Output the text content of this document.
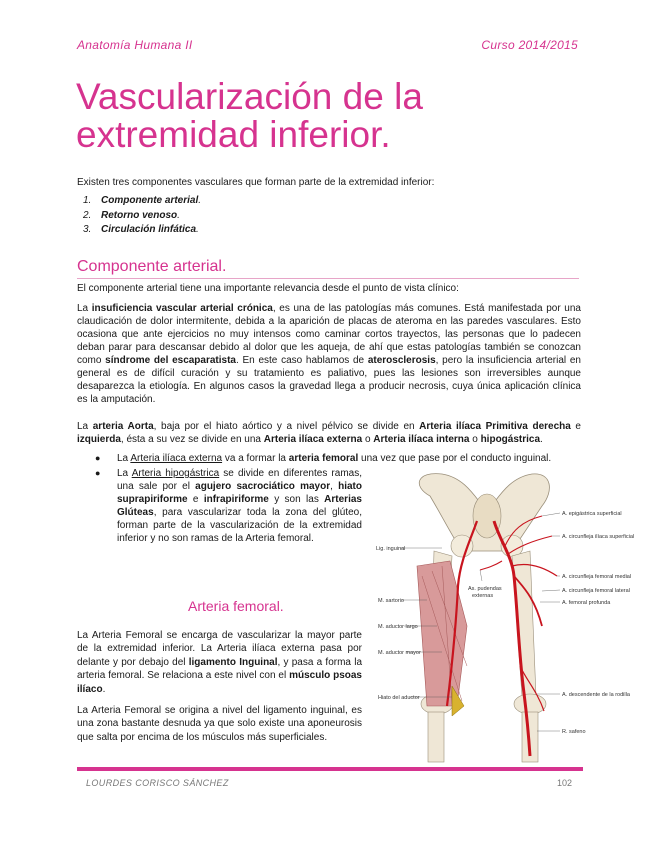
Anatomía Humana II	Curso 2014/2015
Vascularización de la extremidad inferior.
Existen tres componentes vasculares que forman parte de la extremidad inferior:
1. Componente arterial.
2. Retorno venoso.
3. Circulación linfática.
Componente arterial.
El componente arterial tiene una importante relevancia desde el punto de vista clínico:
La insuficiencia vascular arterial crónica, es una de las patologías más comunes. Está manifestada por una claudicación de dolor intermitente, debida a la aparición de placas de ateroma en las paredes vasculares. Esto ocasiona que ante ejercicios no muy intensos como caminar cortos trayectos, las personas que lo padecen deban parar para descansar debido al dolor que les aqueja, de ahí que estas patologías también se conozcan como síndrome del escaparatista. En este caso hablamos de aterosclerosis, pero la insuficiencia arterial en general es de difícil curación y su tratamiento es paliativo, pues las lesiones son irreversibles aunque desaparezca la etiología. En algunos casos la gravedad llega a producir necrosis, cuya única aplicación clínica es la amputación.
La arteria Aorta, baja por el hiato aórtico y a nivel pélvico se divide en Arteria ilíaca Primitiva derecha e izquierda, ésta a su vez se divide en una Arteria ilíaca externa o Arteria ilíaca interna o hipogástrica.
● La Arteria ilíaca externa va a formar la arteria femoral una vez que pase por el conducto inguinal.
● La Arteria hipogástrica se divide en diferentes ramas, una sale por el agujero sacrociático mayor, hiato suprapiriforme e infrapiriforme y son las Arterias Glúteas, para vascularizar toda la zona del glúteo, forman parte de la vascularización de la extremidad inferior y no son ramas de la Arteria femoral.
Arteria femoral.
La Arteria Femoral se encarga de vascularizar la mayor parte de la extremidad inferior. La Arteria ilíaca externa pasa por delante y por debajo del ligamento Inguinal, y pasa a forma la arteria femoral. Se relaciona a este nivel con el músculo psoas ilíaco.
La Arteria Femoral se origina a nivel del ligamento inguinal, es una zona bastante desnuda ya que solo existe una aponeurosis que salta por encima de los músculos más superficiales.
A. epigástrica superficial
A. circunfleja ilíaca superficial
A. circunfleja femoral medial
A. circunfleja femoral lateral
A. femoral profunda
A. descendente de la rodilla
R. safeno
Lig. inguinal
M. sartorio
M. aductor largo
M. aductor mayor
Hiato del aductor
As. pudendas
externas
LOURDES CORISCO SÁNCHEZ	102
